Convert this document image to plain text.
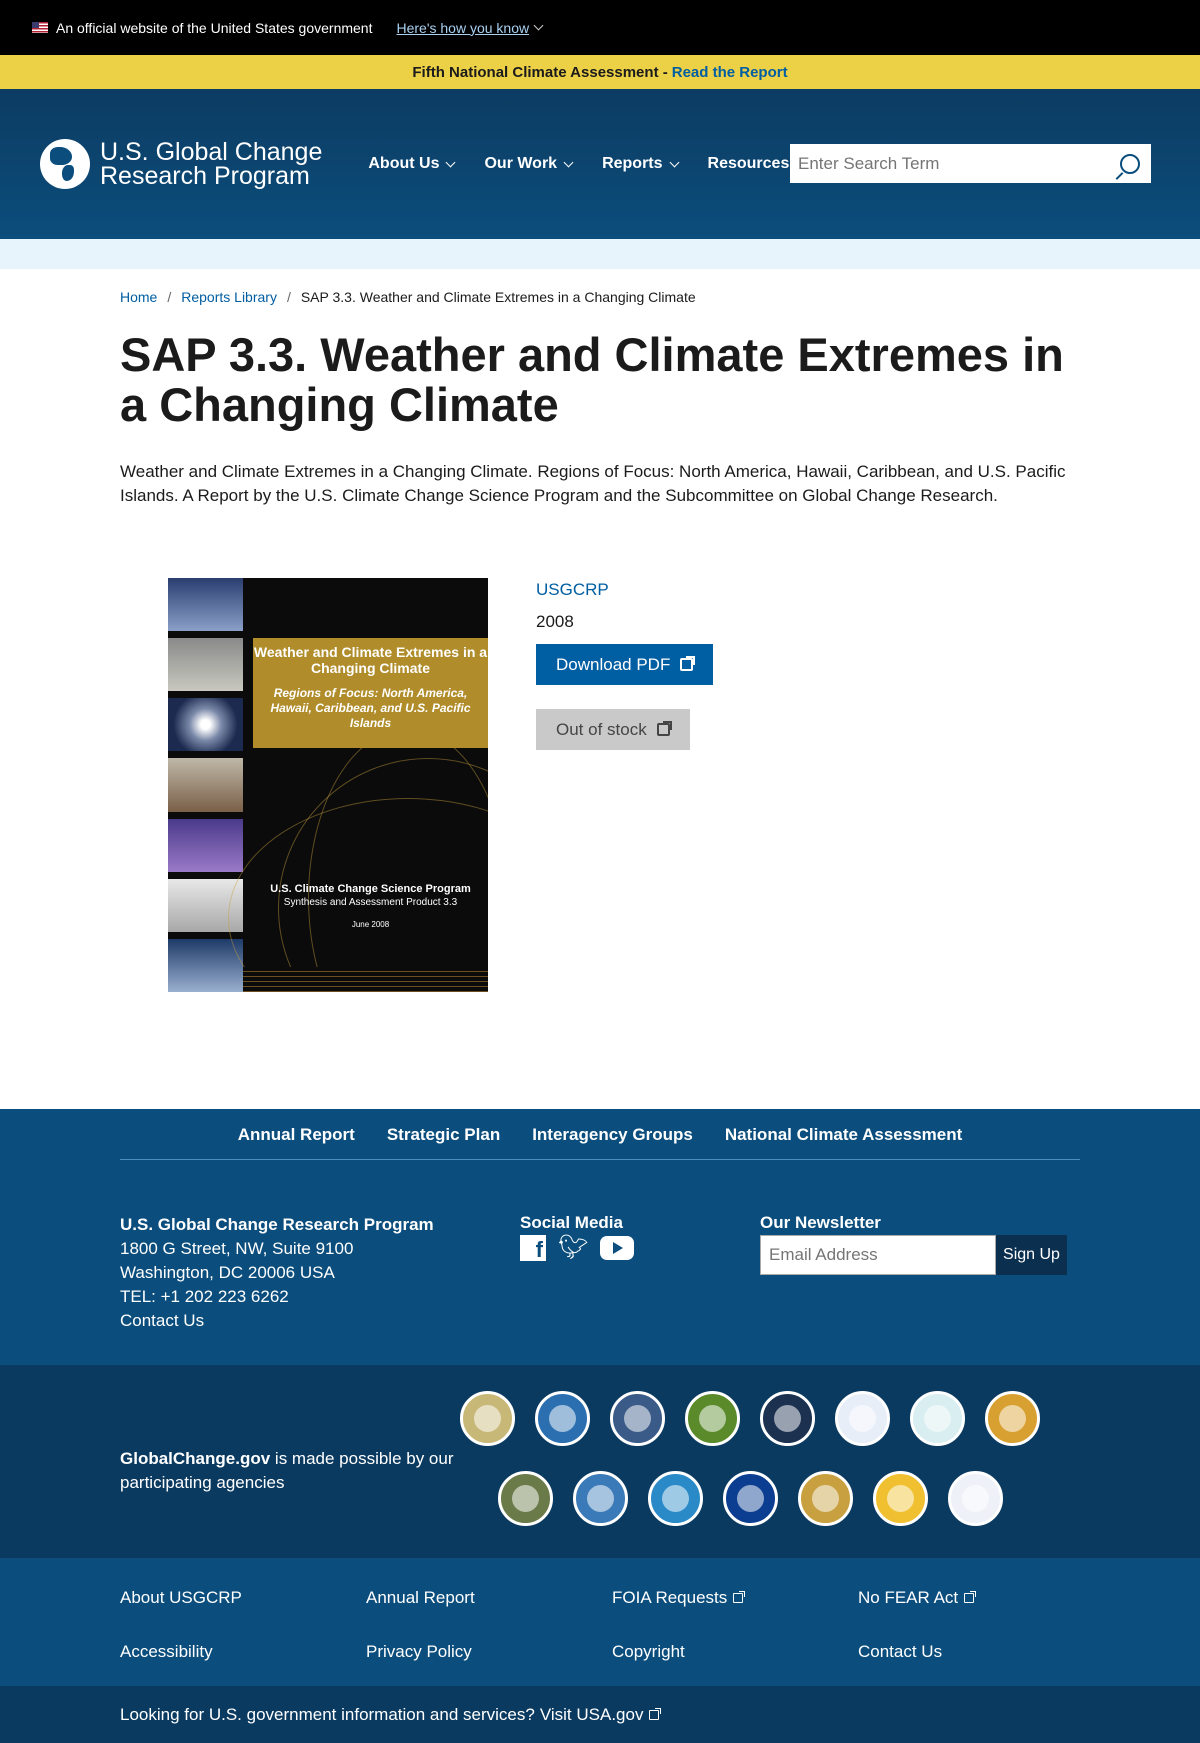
An official website of the United States government Here's how you know
Fifth National Climate Assessment - Read the Report
U.S. Global Change
Research Program	About Us	Our Work	Reports	Resources
Enter Search Term
Home / Reports Library / SAP 3.3. Weather and Climate Extremes in a Changing Climate
SAP 3.3. Weather and Climate Extremes in a Changing Climate

Weather and Climate Extremes in a Changing Climate. Regions of Focus: North America, Hawaii, Caribbean, and U.S. Pacific Islands. A Report by the U.S. Climate Change Science Program and the Subcommittee on Global Change Research.

Weather and Climate Extremes in a Changing Climate
Regions of Focus: North America, Hawaii, Caribbean, and U.S. Pacific Islands
U.S. Climate Change Science Program
Synthesis and Assessment Product 3.3
June 2008
USGCRP
2008
Download PDF
Out of stock
Annual Report Strategic Plan Interagency Groups National Climate Assessment
U.S. Global Change Research Program
1800 G Street, NW, Suite 9100
Washington, DC 20006 USA
TEL: +1 202 223 6262
Contact Us
Social Media
f 🐦︎
Our Newsletter
Email Address
Sign Up
GlobalChange.gov is made possible by our participating agencies
About USGCRP	Annual Report	FOIA Requests	No FEAR Act
Accessibility	Privacy Policy	Copyright	Contact Us
Looking for U.S. government information and services? Visit USA.gov
